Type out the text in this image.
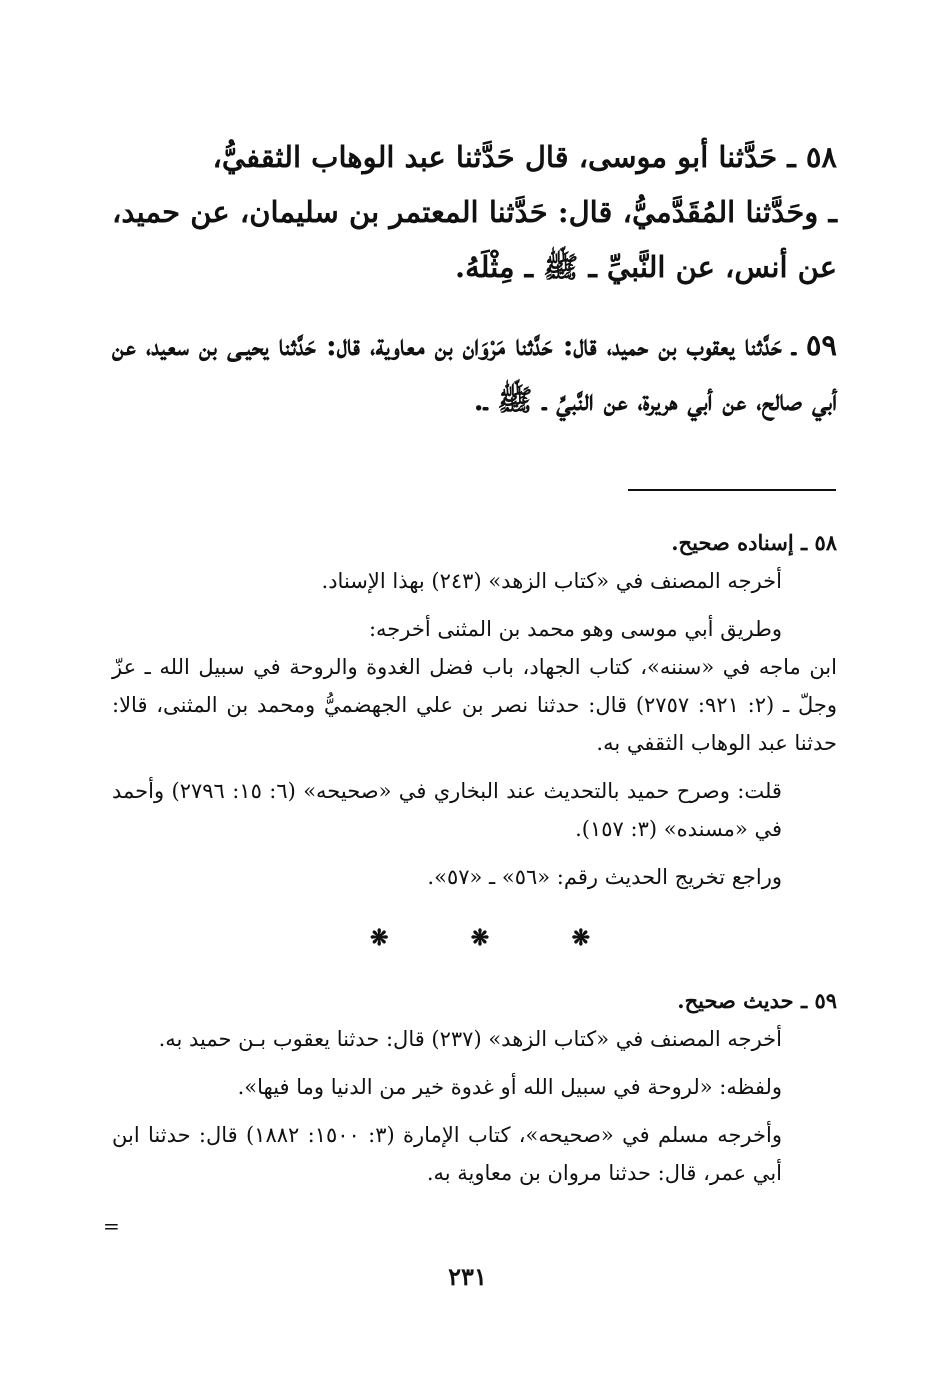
٥٨ ـ حَدَّثنا أبو موسى، قال حَدَّثنا عبد الوهاب الثقفيُّ،

ـ وحَدَّثنا المُقَدَّميُّ، قال: حَدَّثنا المعتمر بن سليمان، عن حميد، عن أنس، عن النَّبيِّ ـ ﷺ ـ مِثْلَهُ.

٥٩ ـ حَدَّثنا يعقوب بن حميد، قال: حَدَّثنا مَرْوَان بن معاوية، قال: حَدَّثنا يحيـى بن سعيد، عن أبي صالح، عن أبي هريرة، عن النَّبيِّ ـ ﷺ ـ.

٥٨ ـ إسناده صحيح.

أخرجه المصنف في «كتاب الزهد» (٢٤٣) بهذا الإسناد.

وطريق أبي موسى وهو محمد بن المثنى أخرجه:

ابن ماجه في «سننه»، كتاب الجهاد، باب فضل الغدوة والروحة في سبيل الله ـ عزّ وجلّ ـ (٢: ٩٢١: ٢٧٥٧) قال: حدثنا نصر بن علي الجهضميُّ ومحمد بن المثنى، قالا: حدثنا عبد الوهاب الثقفي به.

قلت: وصرح حميد بالتحديث عند البخاري في «صحيحه» (٦: ١٥: ٢٧٩٦) وأحمد في «مسنده» (٣: ١٥٧).

وراجع تخريج الحديث رقم: «٥٦» ـ «٥٧».

❋	❋	❋

٥٩ ـ حديث صحيح.

أخرجه المصنف في «كتاب الزهد» (٢٣٧) قال: حدثنا يعقوب بـن حميد به.

ولفظه: «لروحة في سبيل الله أو غدوة خير من الدنيا وما فيها».

وأخرجه مسلم في «صحيحه»، كتاب الإمارة (٣: ١٥٠٠: ١٨٨٢) قال: حدثنا ابن أبي عمر، قال: حدثنا مروان بن معاوية به.

=
٢٣١
